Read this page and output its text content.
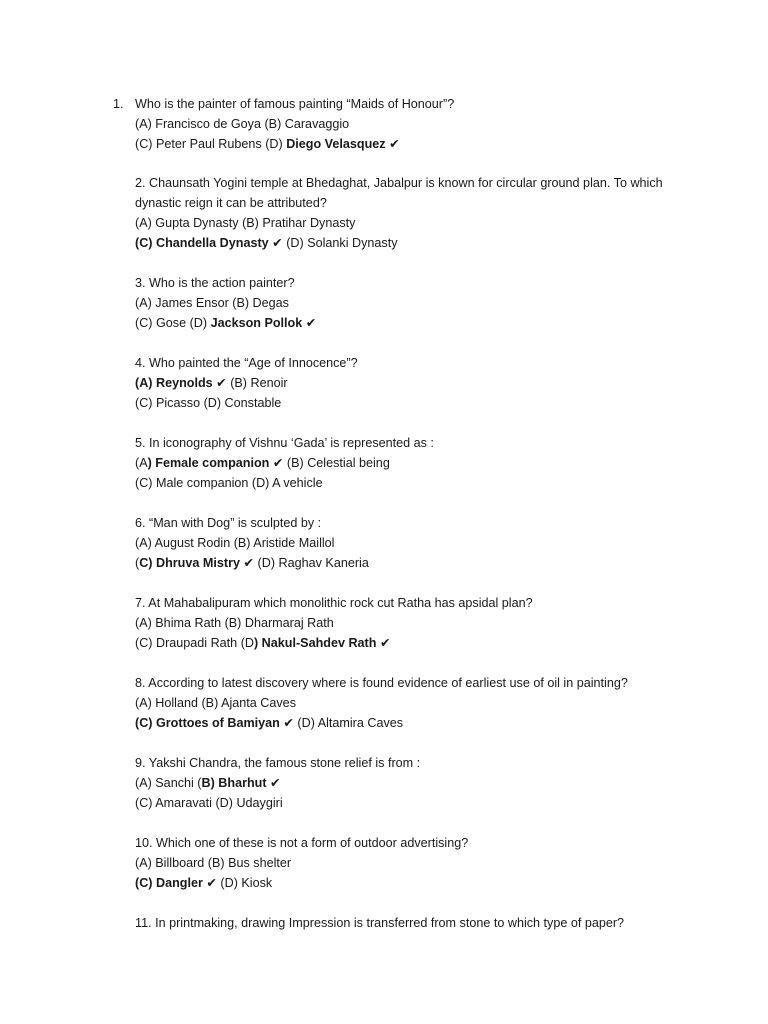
1. Who is the painter of famous painting “Maids of Honour”?
(A) Francisco de Goya (B) Caravaggio
(C) Peter Paul Rubens (D) Diego Velasquez ✔
2. Chaunsath Yogini temple at Bhedaghat, Jabalpur is known for circular ground plan. To which
dynastic reign it can be attributed?
(A) Gupta Dynasty (B) Pratihar Dynasty
(C) Chandella Dynasty ✔ (D) Solanki Dynasty
3. Who is the action painter?
(A) James Ensor (B) Degas
(C) Gose (D) Jackson Pollok ✔
4. Who painted the “Age of Innocence”?
(A) Reynolds ✔ (B) Renoir
(C) Picasso (D) Constable
5. In iconography of Vishnu ‘Gada’ is represented as :
(A) Female companion ✔ (B) Celestial being
(C) Male companion (D) A vehicle
6. “Man with Dog” is sculpted by :
(A) August Rodin (B) Aristide Maillol
(C) Dhruva Mistry ✔ (D) Raghav Kaneria
7. At Mahabalipuram which monolithic rock cut Ratha has apsidal plan?
(A) Bhima Rath (B) Dharmaraj Rath
(C) Draupadi Rath (D) Nakul-Sahdev Rath ✔
8. According to latest discovery where is found evidence of earliest use of oil in painting?
(A) Holland (B) Ajanta Caves
(C) Grottoes of Bamiyan ✔ (D) Altamira Caves
9. Yakshi Chandra, the famous stone relief is from :
(A) Sanchi (B) Bharhut ✔
(C) Amaravati (D) Udaygiri
10. Which one of these is not a form of outdoor advertising?
(A) Billboard (B) Bus shelter
(C) Dangler ✔ (D) Kiosk
11. In printmaking, drawing Impression is transferred from stone to which type of paper?
